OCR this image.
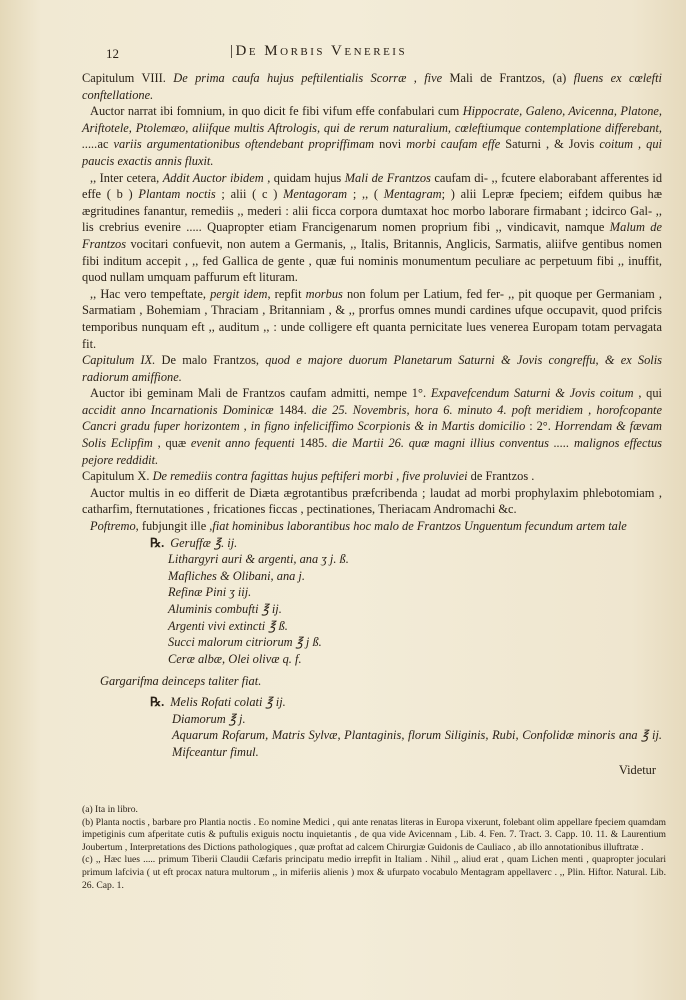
12	|De Morbis Venereis

Capitulum VIII. De prima caufa hujus peftilentialis Scorræ , five Mali de Frantzos, (a) fluens ex cœlefti conftellatione.

Auctor narrat ibi fomnium, in quo dicit fe fibi vifum effe confabulari cum Hippocrate, Galeno, Avicenna, Platone, Ariftotele, Ptolemæo, aliifque multis Aftrologis, qui de rerum naturalium, cœleftiumque contemplatione differebant, .....ac variis argumentationibus oftendebant propriffimam novi morbi caufam effe Saturni , & Jovis coitum , qui paucis exactis annis fluxit.

,, Inter cetera, Addit Auctor ibidem , quidam hujus Mali de Frantzos caufam di- ,, fcutere elaborabant afferentes id effe ( b ) Plantam noctis ; alii ( c ) Mentagoram ; ,, ( Mentagram; ) alii Lepræ fpeciem; eifdem quibus hæ ægritudines fanantur, remediis ,, mederi : alii ficca corpora dumtaxat hoc morbo laborare firmabant ; idcirco Gal- ,, lis crebrius evenire ..... Quapropter etiam Francigenarum nomen proprium fibi ,, vindicavit, namque Malum de Frantzos vocitari confuevit, non autem a Germanis, ,, Italis, Britannis, Anglicis, Sarmatis, aliifve gentibus nomen fibi inditum accepit , ,, fed Gallica de gente , quæ fui nominis monumentum peculiare ac perpetuum fibi ,, inuffit, quod nullam umquam paffurum eft lituram.

,, Hac vero tempeftate, pergit idem, repfit morbus non folum per Latium, fed fer- ,, pit quoque per Germaniam , Sarmatiam , Bohemiam , Thraciam , Britanniam , & ,, prorfus omnes mundi cardines ufque occupavit, quod prifcis temporibus nunquam eft ,, auditum ,, : unde colligere eft quanta pernicitate lues venerea Europam totam pervagata fit.

Capitulum IX. De malo Frantzos, quod e majore duorum Planetarum Saturni & Jovis congreffu, & ex Solis radiorum amiffione.

Auctor ibi geminam Mali de Frantzos caufam admitti, nempe 1°. Expavefcendum Saturni & Jovis coitum , qui accidit anno Incarnationis Dominicæ 1484. die 25. Novembris, hora 6. minuto 4. poft meridiem , horofcopante Cancri gradu fuper horizontem , in figno infeliciffimo Scorpionis & in Martis domicilio : 2°. Horrendam & fævam Solis Eclipfim , quæ evenit anno fequenti 1485. die Martii 26. quæ magni illius conventus ..... malignos effectus pejore reddidit.

Capitulum X. De remediis contra fagittas hujus peftiferi morbi , five proluviei de Frantzos .

Auctor multis in eo differit de Diæta ægrotantibus præfcribenda ; laudat ad morbi prophylaxim phlebotomiam , catharfim, fternutationes , fricationes ficcas , pectinationes, Theriacam Andromachi &c.

Poftremo, fubjungit ille ,fiat hominibus laborantibus hoc malo de Frantzos Unguentum fecundum artem tale

℞. Geruffæ ℥. ij.
Lithargyri auri & argenti, ana ʒ j. ß.
Mafliches & Olibani, ana j.
Refinæ Pini ʒ iij.
Aluminis combufti ℥ ij.
Argenti vivi extincti ℥ ß.
Succi malorum citriorum ℥ j ß.
Ceræ albæ, Olei olivæ q. f.
Gargarifma deinceps taliter fiat.
℞. Melis Rofati colati ℥ ij.
Diamorum ℥ j.
Aquarum Rofarum, Matris Sylvæ, Plantaginis, florum Siliginis, Rubi, Confolidæ minoris ana ℥ ij. Mifceantur fimul.
Videtur

(a) Ita in libro.

(b) Planta noctis , barbare pro Plantia noctis . Eo nomine Medici , qui ante renatas literas in Europa vixerunt, folebant olim appellare fpeciem quamdam impetiginis cum afperitate cutis & puftulis exiguis noctu inquietantis , de qua vide Avicennam , Lib. 4. Fen. 7. Tract. 3. Capp. 10. 11. & Laurentium Joubertum , Interpretations des Dictions pathologiques , quæ proftat ad calcem Chirurgiæ Guidonis de Cauliaco , ab illo annotationibus illuftratæ .

(c) ,, Hæc lues ..... primum Tiberii Claudii Cæfaris principatu medio irrepfit in Italiam . Nihil ,, aliud erat , quam Lichen menti , quapropter joculari primum lafcivia ( ut eft procax natura multorum ,, in miferiis alienis ) mox & ufurpato vocabulo Mentagram appellaverc . ,, Plin. Hiftor. Natural. Lib. 26. Cap. 1.
